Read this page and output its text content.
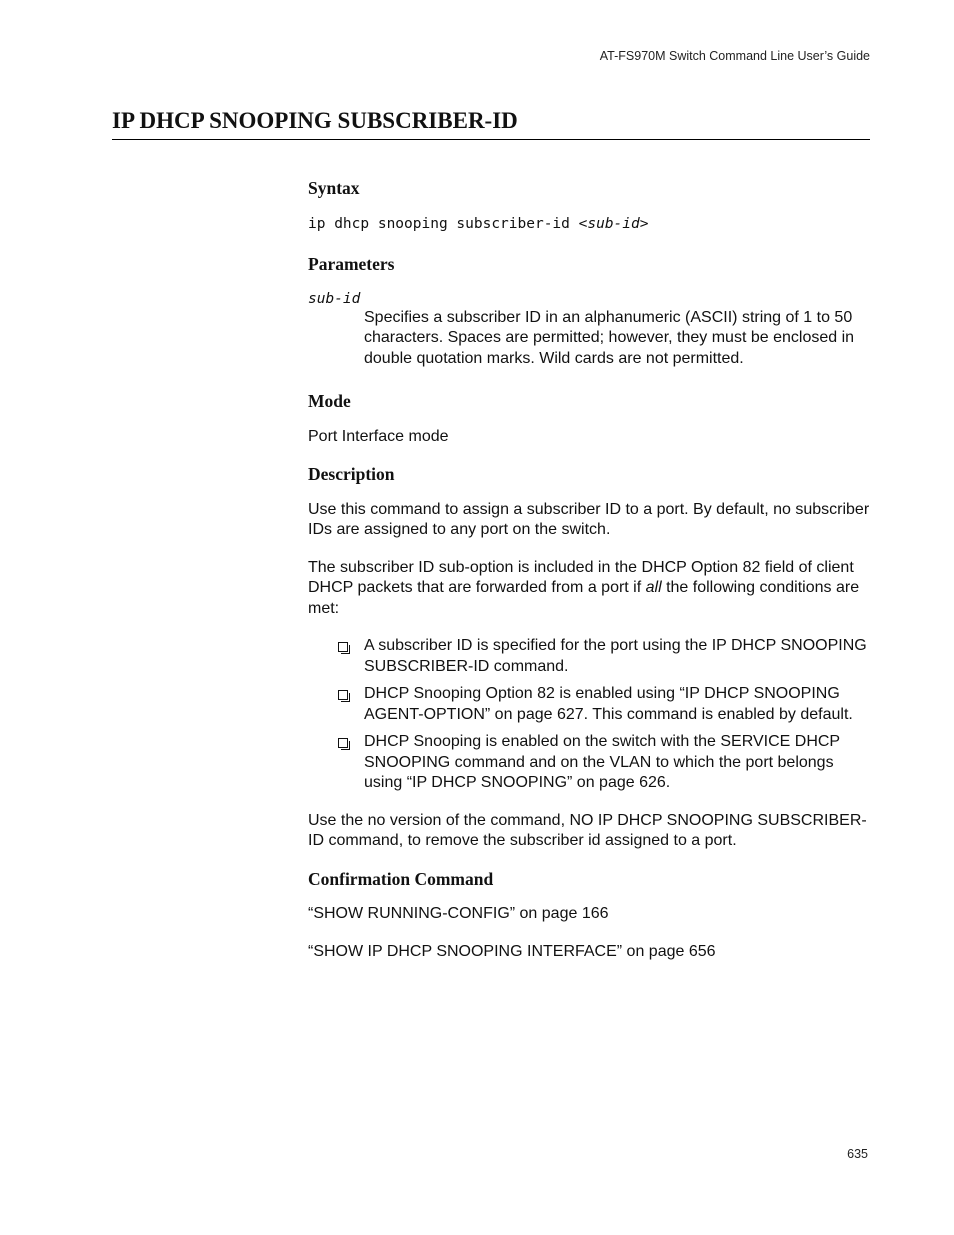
AT-FS970M Switch Command Line User’s Guide
IP DHCP SNOOPING SUBSCRIBER-ID
Syntax
ip dhcp snooping subscriber-id <sub-id>
Parameters
sub-id
Specifies a subscriber ID in an alphanumeric (ASCII) string of 1 to 50 characters. Spaces are permitted; however, they must be enclosed in double quotation marks. Wild cards are not permitted.
Mode

Port Interface mode

Description

Use this command to assign a subscriber ID to a port. By default, no subscriber IDs are assigned to any port on the switch.

The subscriber ID sub-option is included in the DHCP Option 82 field of client DHCP packets that are forwarded from a port if all the following conditions are met:

A subscriber ID is specified for the port using the IP DHCP SNOOPING SUBSCRIBER-ID command.
DHCP Snooping Option 82 is enabled using “IP DHCP SNOOPING AGENT-OPTION” on page 627. This command is enabled by default.
DHCP Snooping is enabled on the switch with the SERVICE DHCP SNOOPING command and on the VLAN to which the port belongs using “IP DHCP SNOOPING” on page 626.

Use the no version of the command, NO IP DHCP SNOOPING SUBSCRIBER-ID command, to remove the subscriber id assigned to a port.

Confirmation Command

“SHOW RUNNING-CONFIG” on page 166

“SHOW IP DHCP SNOOPING INTERFACE” on page 656

635
